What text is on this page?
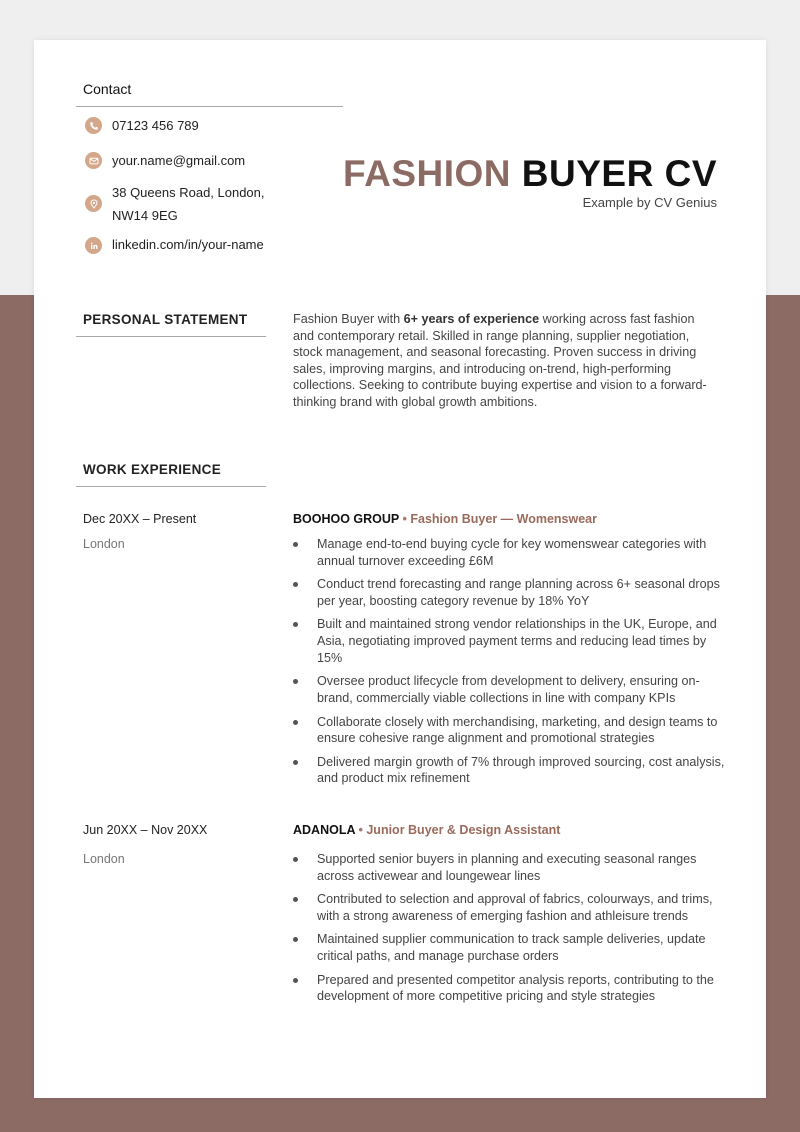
Contact
07123 456 789
your.name@gmail.com
38 Queens Road, London,
NW14 9EG
linkedin.com/in/your-name
FASHION BUYER CV
Example by CV Genius
PERSONAL STATEMENT	Fashion Buyer with 6+ years of experience working across fast fashion and contemporary retail. Skilled in range planning, supplier negotiation, stock management, and seasonal forecasting. Proven success in driving sales, improving margins, and introducing on-trend, high-performing collections. Seeking to contribute buying expertise and vision to a forward-thinking brand with global growth ambitions.
WORK EXPERIENCE
Dec 20XX – Present
London
BOOHOO GROUP • Fashion Buyer — Womenswear
Manage end-to-end buying cycle for key womenswear categories with annual turnover exceeding £6M
Conduct trend forecasting and range planning across 6+ seasonal drops per year, boosting category revenue by 18% YoY
Built and maintained strong vendor relationships in the UK, Europe, and Asia, negotiating improved payment terms and reducing lead times by 15%
Oversee product lifecycle from development to delivery, ensuring on-brand, commercially viable collections in line with company KPIs
Collaborate closely with merchandising, marketing, and design teams to ensure cohesive range alignment and promotional strategies
Delivered margin growth of 7% through improved sourcing, cost analysis, and product mix refinement
Jun 20XX – Nov 20XX
London
ADANOLA • Junior Buyer & Design Assistant
Supported senior buyers in planning and executing seasonal ranges across activewear and loungewear lines
Contributed to selection and approval of fabrics, colourways, and trims, with a strong awareness of emerging fashion and athleisure trends
Maintained supplier communication to track sample deliveries, update critical paths, and manage purchase orders
Prepared and presented competitor analysis reports, contributing to the development of more competitive pricing and style strategies
